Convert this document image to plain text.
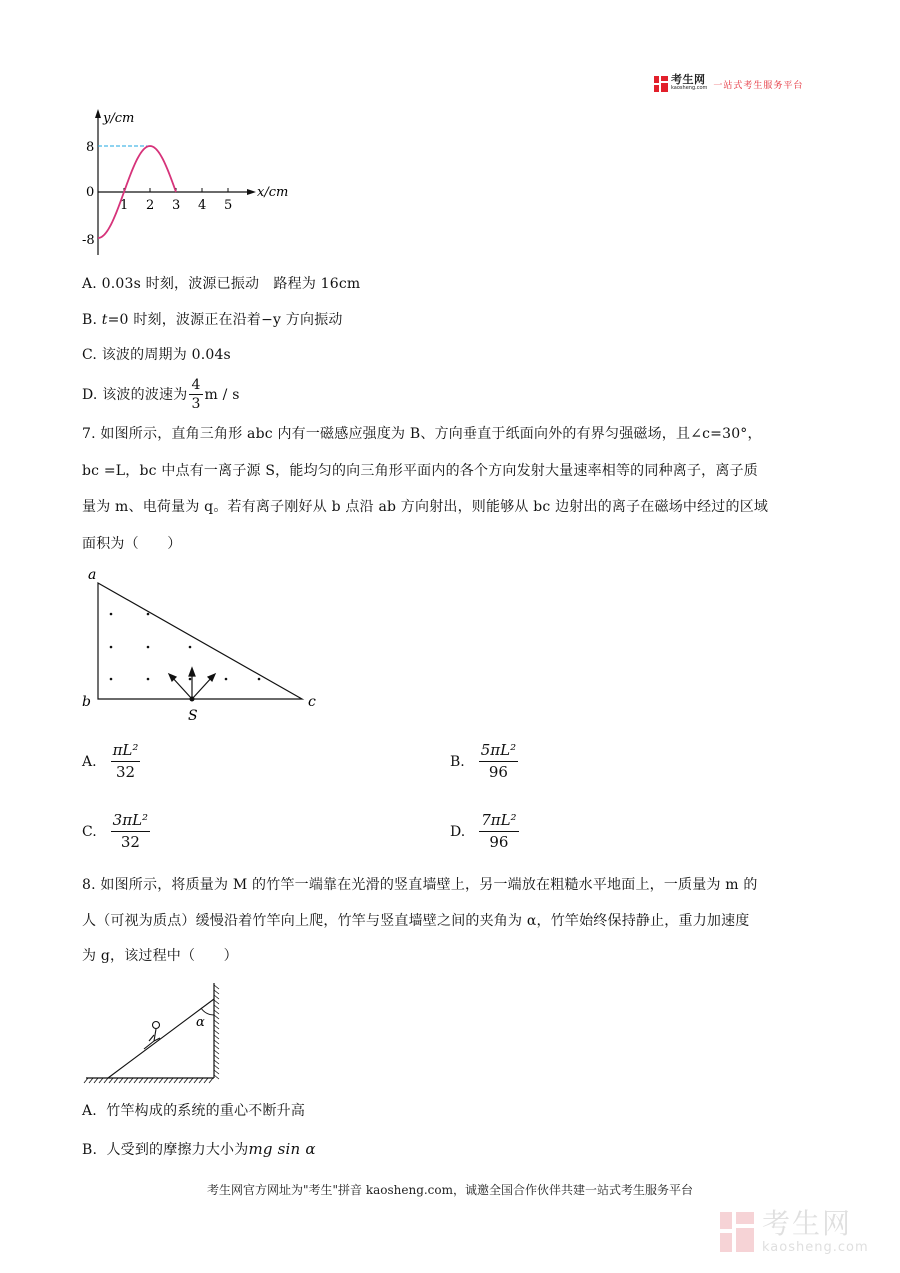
考生网
kaosheng.com 一站式考生服务平台
y/cm
x/cm
8
0
-8
1 2 3 4 5
A. 0.03s 时刻，波源已振动　路程为 16cm
B. t=0 时刻，波源正在沿着−y 方向振动
C. 该波的周期为 0.04s
D.
该波的波速为 $\frac{4}{3}$ m / s
7. 如图所示，直角三角形 abc 内有一磁感应强度为 B、方向垂直于纸面向外的有界匀强磁场，且∠c=30°，
bc =L，bc 中点有一离子源 S，能均匀的向三角形平面内的各个方向发射大量速率相等的同种离子，离子质
量为 m、电荷量为 q。若有离子刚好从 b 点沿 ab 方向射出，则能够从 bc 边射出的离子在磁场中经过的区域
面积为（　　）
a
b	c
S
A. $\frac{\text{πL²}}{32}$	B. $\frac{\text{5πL²}}{96}$
C. $\frac{\text{3πL²}}{32}$	D. $\frac{\text{7πL²}}{96}$
8. 如图所示，将质量为 M 的竹竿一端靠在光滑的竖直墙壁上，另一端放在粗糙水平地面上，一质量为 m 的
人（可视为质点）缓慢沿着竹竿向上爬，竹竿与竖直墙壁之间的夹角为 α，竹竿始终保持静止，重力加速度
为 g，该过程中（　　）
α
A. 竹竿构成的系统的重心不断升高
B. 人受到的摩擦力大小为mg sin α
考生网官方网址为"考生"拼音 kaosheng.com，诚邀全国合作伙伴共建一站式考生服务平台
考生网
kaosheng.com
